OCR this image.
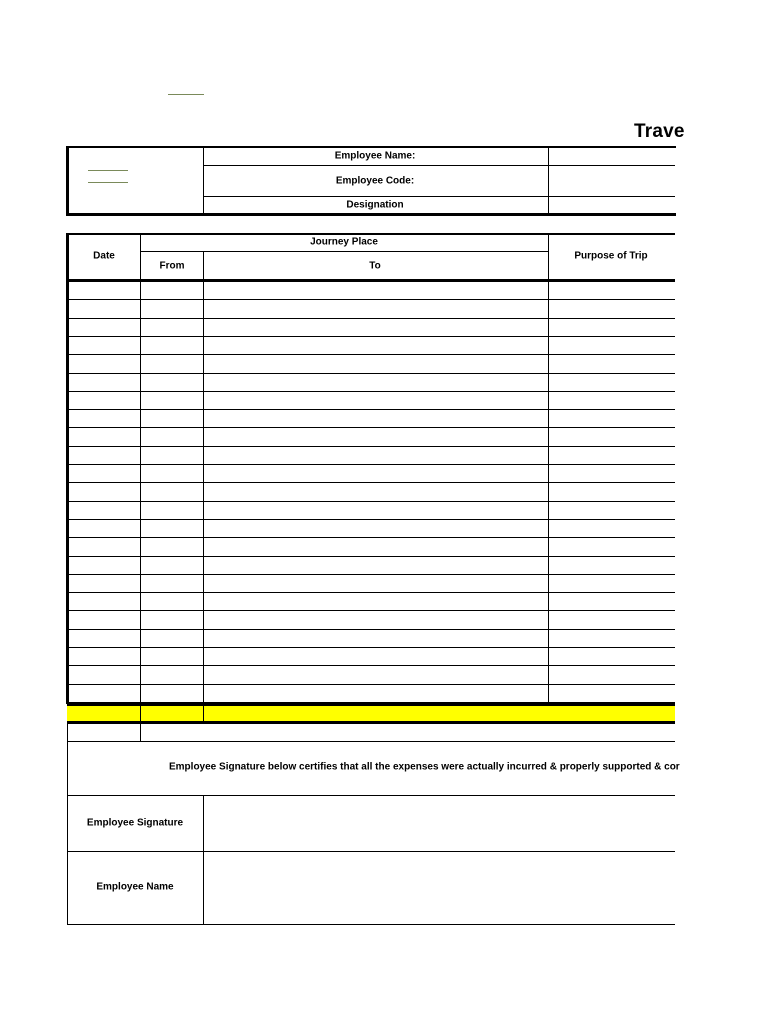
Trave
Employee Name:
Employee Code:
Designation
Date
Journey Place
From	To
Purpose of Trip
Employee Signature below certifies that all the expenses were actually incurred & properly supported & cor
Employee Signature
Employee Name
